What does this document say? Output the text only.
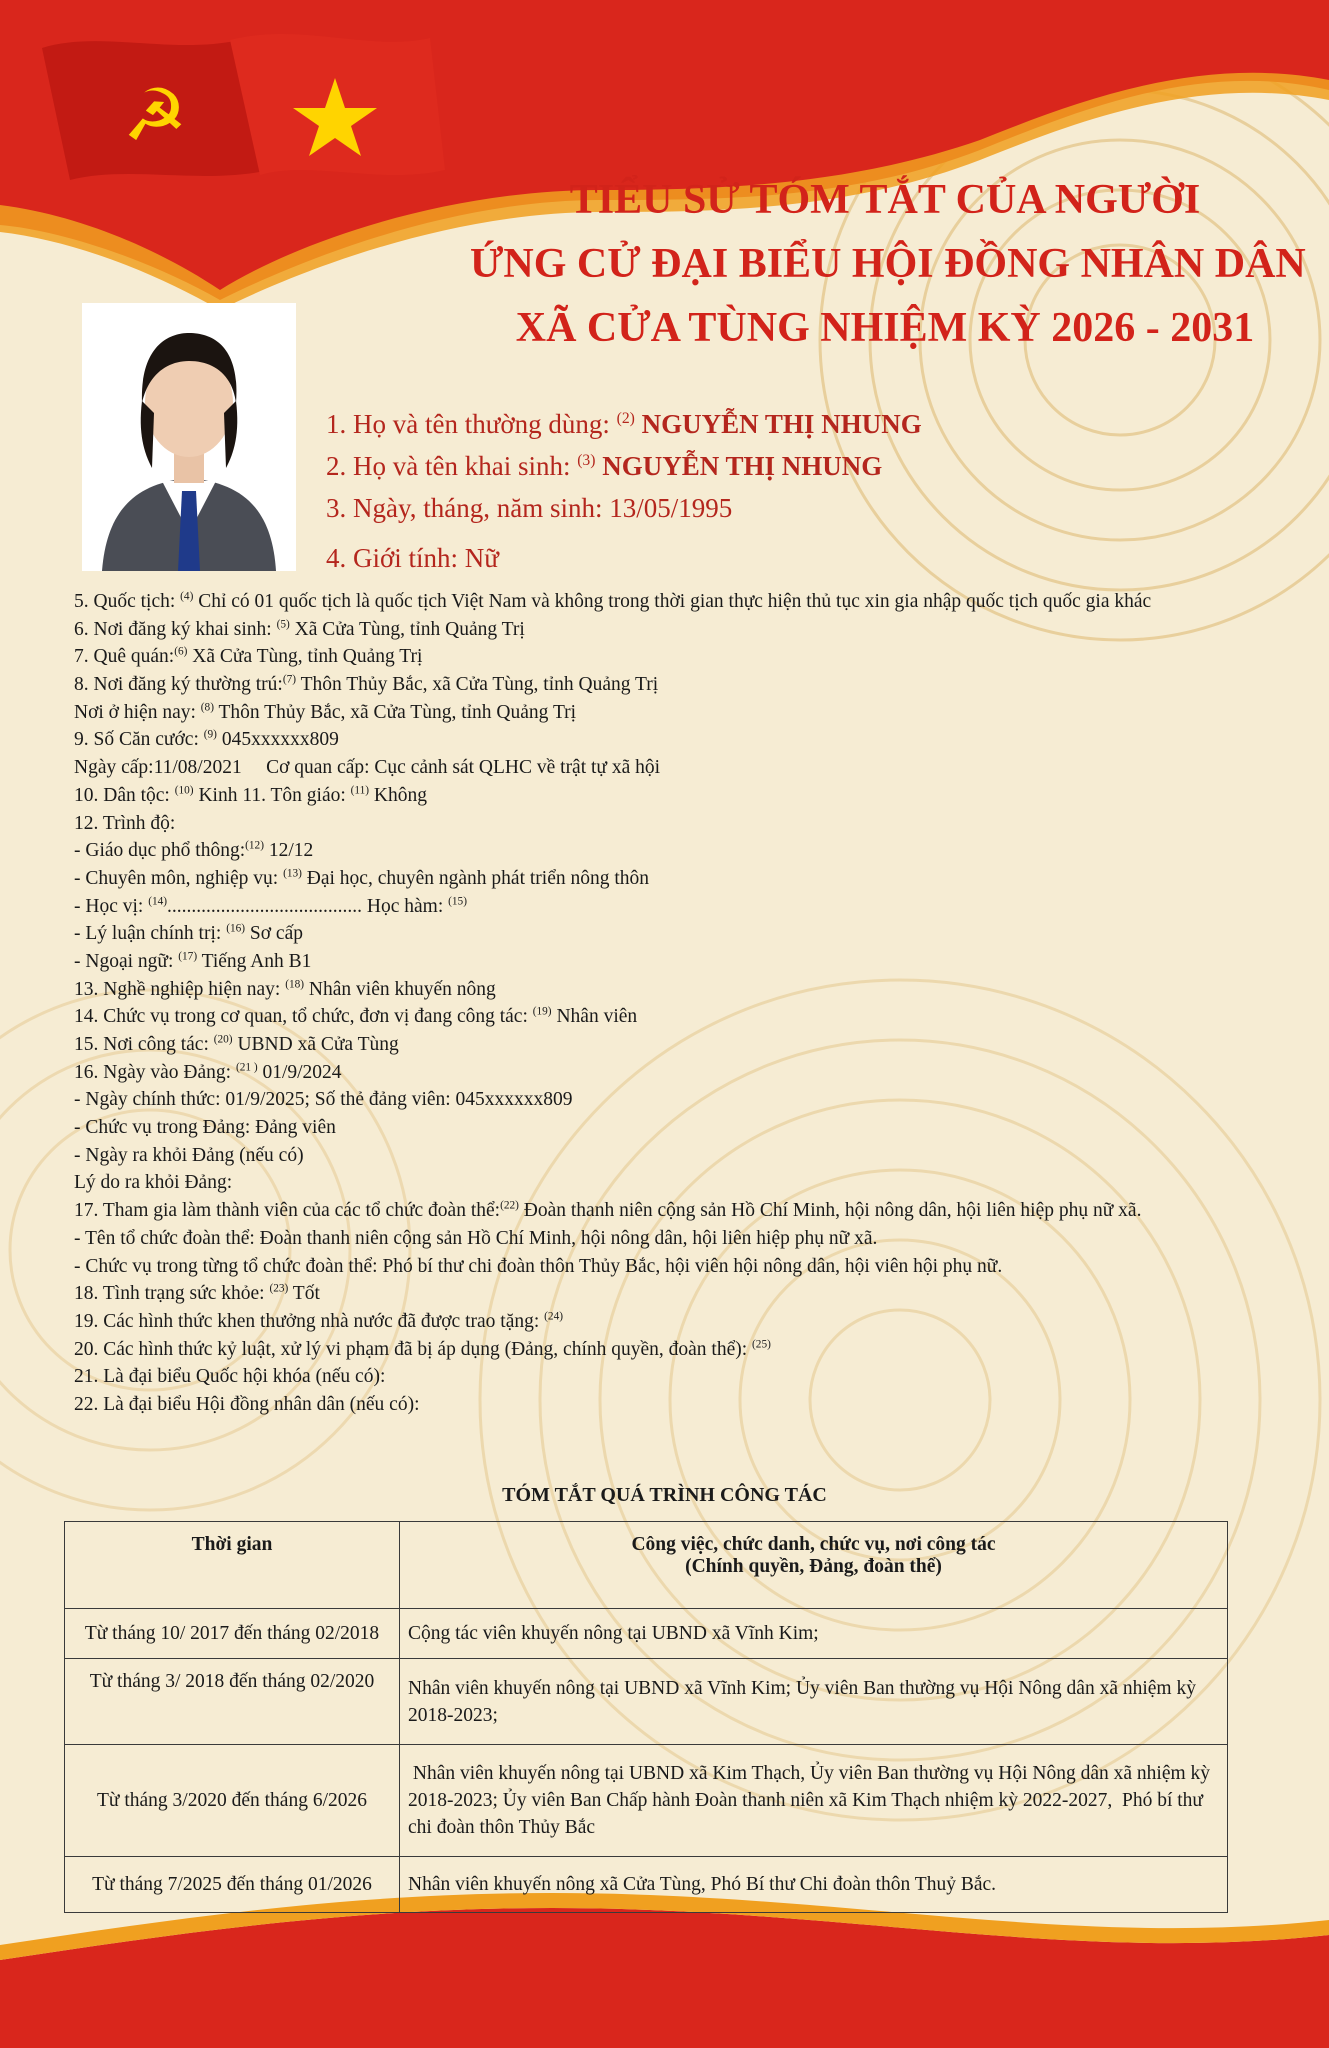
☭
TIỂU SỬ TÓM TẮT CỦA NGƯỜI
ỨNG CỬ ĐẠI BIỂU HỘI ĐỒNG NHÂN DÂN
XÃ CỬA TÙNG NHIỆM KỲ 2026 - 2031
1. Họ và tên thường dùng: $^{(2)}$ NGUYỄN THỊ NHUNG
2. Họ và tên khai sinh: $^{(3)}$ NGUYỄN THỊ NHUNG
3. Ngày, tháng, năm sinh: 13/05/1995
4. Giới tính: Nữ
5. Quốc tịch: $^{(4)}$ Chỉ có 01 quốc tịch là quốc tịch Việt Nam và không trong thời gian thực hiện thủ tục xin gia nhập quốc tịch quốc gia khác
6. Nơi đăng ký khai sinh: $^{(5)}$ Xã Cửa Tùng, tỉnh Quảng Trị
7. Quê quán:$^{(6)}$ Xã Cửa Tùng, tỉnh Quảng Trị
8. Nơi đăng ký thường trú:$^{(7)}$ Thôn Thủy Bắc, xã Cửa Tùng, tỉnh Quảng Trị
Nơi ở hiện nay: $^{(8)}$ Thôn Thủy Bắc, xã Cửa Tùng, tỉnh Quảng Trị
9. Số Căn cước: $^{(9)}$ 045xxxxxx809
Ngày cấp:11/08/2021     Cơ quan cấp: Cục cảnh sát QLHC về trật tự xã hội
10. Dân tộc: $^{(10)}$ Kinh 11. Tôn giáo: $^{(11)}$ Không
12. Trình độ:
- Giáo dục phổ thông:$^{(12)}$ 12/12
- Chuyên môn, nghiệp vụ: $^{(13)}$ Đại học, chuyên ngành phát triển nông thôn
- Học vị: $^{(14)}$........................................ Học hàm: $^{(15)}$
- Lý luận chính trị: $^{(16)}$ Sơ cấp
- Ngoại ngữ: $^{(17)}$ Tiếng Anh B1
13. Nghề nghiệp hiện nay: $^{(18)}$ Nhân viên khuyến nông
14. Chức vụ trong cơ quan, tổ chức, đơn vị đang công tác: $^{(19)}$ Nhân viên
15. Nơi công tác: $^{(20)}$ UBND xã Cửa Tùng
16. Ngày vào Đảng: $^{(21 )}$ 01/9/2024
- Ngày chính thức: 01/9/2025; Số thẻ đảng viên: 045xxxxxx809
- Chức vụ trong Đảng: Đảng viên
- Ngày ra khỏi Đảng (nếu có)
Lý do ra khỏi Đảng:
17. Tham gia làm thành viên của các tổ chức đoàn thể:$^{(22)}$ Đoàn thanh niên cộng sản Hồ Chí Minh, hội nông dân, hội liên hiệp phụ nữ xã.
- Tên tổ chức đoàn thể: Đoàn thanh niên cộng sản Hồ Chí Minh, hội nông dân, hội liên hiệp phụ nữ xã.
- Chức vụ trong từng tổ chức đoàn thể: Phó bí thư chi đoàn thôn Thủy Bắc, hội viên hội nông dân, hội viên hội phụ nữ.
18. Tình trạng sức khỏe: $^{(23)}$ Tốt
19. Các hình thức khen thưởng nhà nước đã được trao tặng: $^{(24)}$
20. Các hình thức kỷ luật, xử lý vi phạm đã bị áp dụng (Đảng, chính quyền, đoàn thể): $^{(25)}$
21. Là đại biểu Quốc hội khóa (nếu có):
22. Là đại biểu Hội đồng nhân dân (nếu có):
TÓM TẮT QUÁ TRÌNH CÔNG TÁC
Thời gian	Công việc, chức danh, chức vụ, nơi công tác
(Chính quyền, Đảng, đoàn thể)

Từ tháng 10/ 2017 đến tháng 02/2018	Cộng tác viên khuyến nông tại UBND xã Vĩnh Kim;
Từ tháng 3/ 2018 đến tháng 02/2020	Nhân viên khuyến nông tại UBND xã Vĩnh Kim; Ủy viên Ban thường vụ Hội Nông dân xã nhiệm kỳ 2018-2023;
Từ tháng 3/2020 đến tháng 6/2026	Nhân viên khuyến nông tại UBND xã Kim Thạch, Ủy viên Ban thường vụ Hội Nông dân xã nhiệm kỳ 2018-2023; Ủy viên Ban Chấp hành Đoàn thanh niên xã Kim Thạch nhiệm kỳ 2022-2027,  Phó bí thư chi đoàn thôn Thủy Bắc
Từ tháng 7/2025 đến tháng 01/2026	Nhân viên khuyến nông xã Cửa Tùng, Phó Bí thư Chi đoàn thôn Thuỷ Bắc.
